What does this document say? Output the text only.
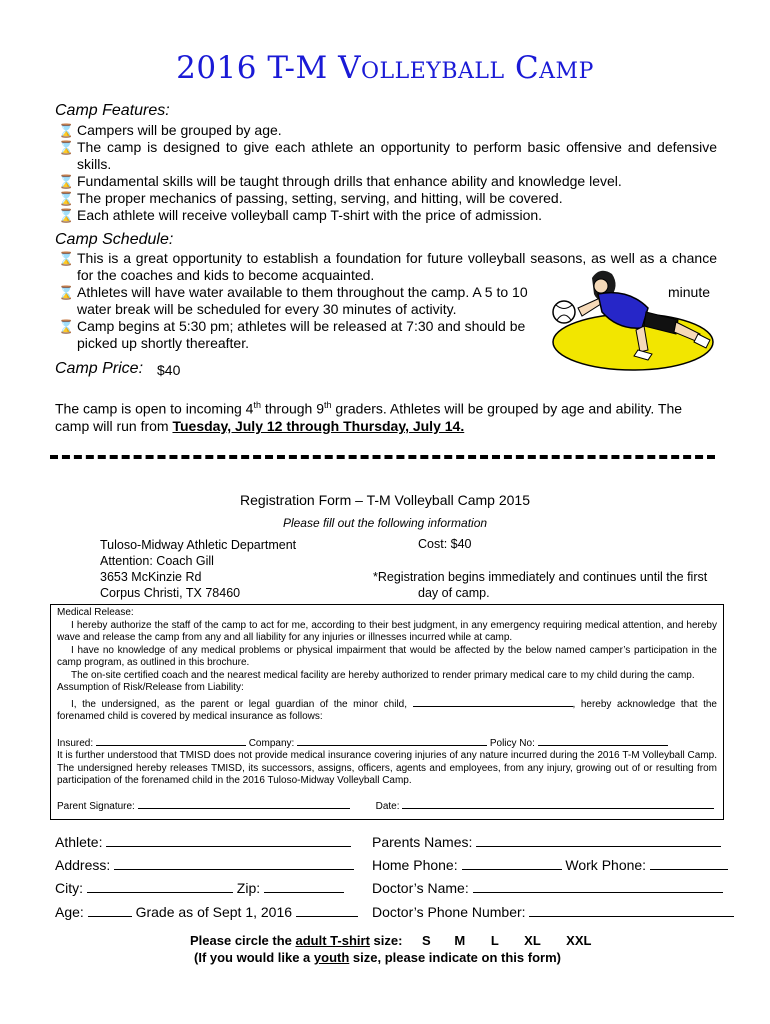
2016 T-M Volleyball Camp
Camp Features:
⌛ Campers will be grouped by age.
⌛ The camp is designed to give each athlete an opportunity to perform basic offensive and defensive skills.
⌛ Fundamental skills will be taught through drills that enhance ability and knowledge level.
⌛ The proper mechanics of passing, setting, serving, and hitting, will be covered.
⌛ Each athlete will receive volleyball camp T-shirt with the price of admission.
Camp Schedule:
⌛ This is a great opportunity to establish a foundation for future volleyball seasons, as well as a chance for the coaches and kids to become acquainted.
⌛ Athletes will have water available to them throughout the camp. A 5 to 10	minute

water break will be scheduled for every 30 minutes of activity.
⌛ Camp begins at 5:30 pm; athletes will be released at 7:30 and should be
picked up shortly thereafter.
Camp Price: $40
The camp is open to incoming 4th through 9th graders. Athletes will be grouped by age and ability. The
camp will run from Tuesday, July 12 through Thursday, July 14.
Registration Form – T-M Volleyball Camp 2015
Please fill out the following information
Tuloso-Midway Athletic Department
Attention: Coach Gill
3653 McKinzie Rd
Corpus Christi, TX 78460
Cost: $40
*Registration begins immediately and continues until the first
day of camp.

Medical Release:

I hereby authorize the staff of the camp to act for me, according to their best judgment, in any emergency requiring medical attention, and hereby wave and release the camp from any and all liability for any injuries or illnesses incurred while at camp.

I have no knowledge of any medical problems or physical impairment that would be affected by the below named camper’s participation in the camp program, as outlined in this brochure.

The on-site certified coach and the nearest medical facility are hereby authorized to render primary medical care to my child during the camp.

Assumption of Risk/Release from Liability:

I, the undersigned, as the parent or legal guardian of the minor child,	, hereby acknowledge that the forenamed child is covered by medical insurance as follows:

Insured:	Company:	Policy No:

It is further understood that TMISD does not provide medical insurance covering injuries of any nature incurred during the 2016 T-M Volleyball Camp. The undersigned hereby releases TMISD, its successors, assigns, officers, agents and employees, from any injury, growing out of or resulting from participation of the forenamed child in the 2016 Tuloso-Midway Volleyball Camp.

Parent Signature:	Date:

Athlete:	Parents Names:
Address:	Home Phone:	Work Phone:
City:	Zip:	Doctor’s Name:
Age:	Grade as of Sept 1, 2016	Doctor’s Phone Number:
Please circle the adult T-shirt size: S M L XL XXL
(If you would like a youth size, please indicate on this form)
